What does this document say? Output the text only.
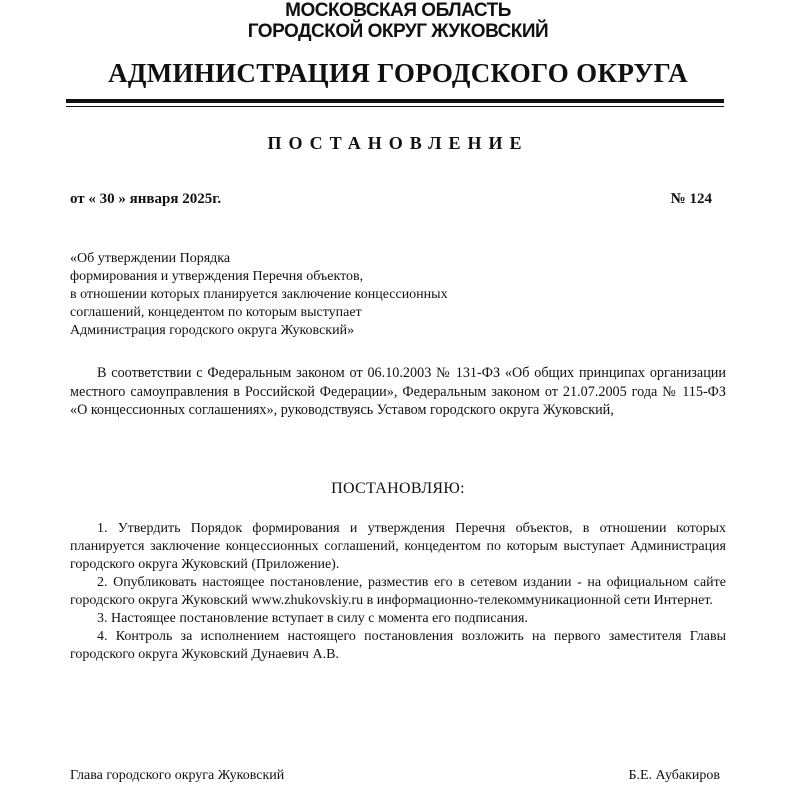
МОСКОВСКАЯ ОБЛАСТЬ
ГОРОДСКОЙ ОКРУГ ЖУКОВСКИЙ
АДМИНИСТРАЦИЯ ГОРОДСКОГО ОКРУГА
ПОСТАНОВЛЕНИЕ
от « 30 » января 2025г.	№ 124
«Об утверждении Порядка
формирования и утверждения Перечня объектов,
в отношении которых планируется заключение концессионных
соглашений, концедентом по которым выступает
Администрация городского округа Жуковский»
В соответствии с Федеральным законом от 06.10.2003 № 131-ФЗ «Об общих принципах организации местного самоуправления в Российской Федерации», Федеральным законом от 21.07.2005 года № 115-ФЗ «О концессионных соглашениях», руководствуясь Уставом городского округа Жуковский,
ПОСТАНОВЛЯЮ:

1. Утвердить Порядок формирования и утверждения Перечня объектов, в отношении которых планируется заключение концессионных соглашений, концедентом по которым выступает Администрация городского округа Жуковский (Приложение).

2. Опубликовать настоящее постановление, разместив его в сетевом издании - на официальном сайте городского округа Жуковский www.zhukovskiy.ru в информационно-телекоммуникационной сети Интернет.

3. Настоящее постановление вступает в силу с момента его подписания.

4. Контроль за исполнением настоящего постановления возложить на первого заместителя Главы городского округа Жуковский Дунаевич А.В.

Глава городского округа Жуковский	Б.Е. Аубакиров
